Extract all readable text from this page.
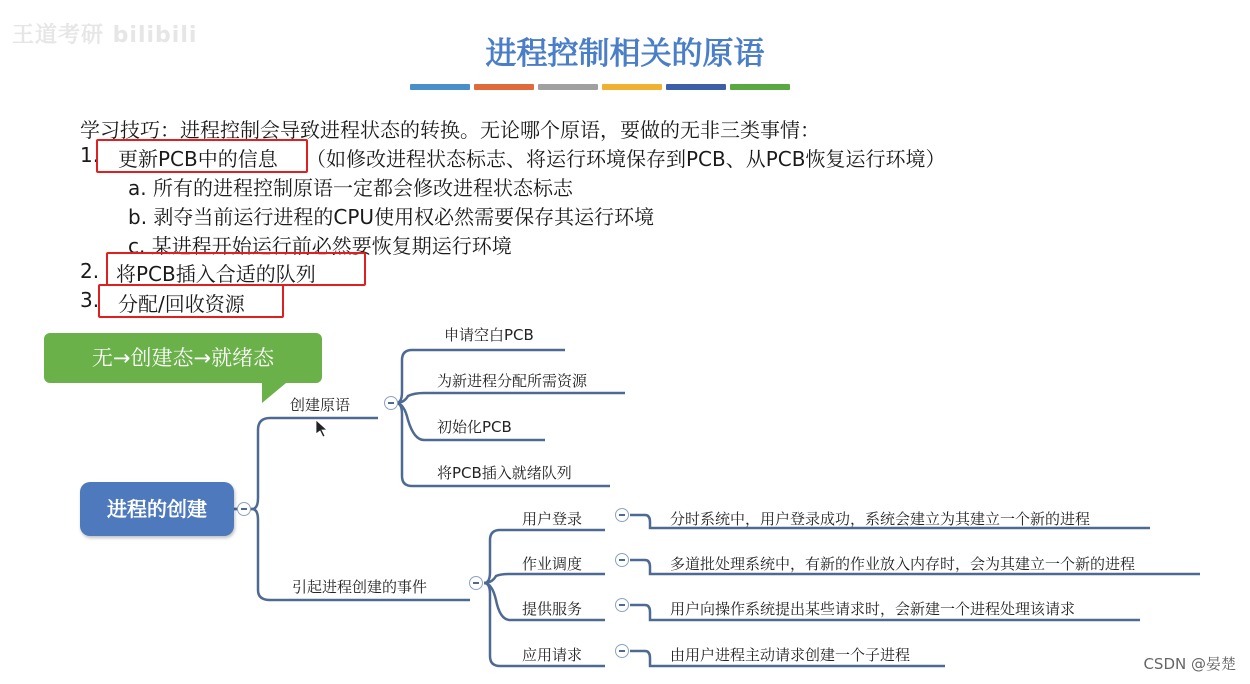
王道考研 bilibili
进程控制相关的原语
学习技巧：进程控制会导致进程状态的转换。无论哪个原语，要做的无非三类事情：
1. 更新PCB中的信息 （如修改进程状态标志、将运行环境保存到PCB、从PCB恢复运行环境）
a. 所有的进程控制原语一定都会修改进程状态标志
b. 剥夺当前运行进程的CPU使用权必然需要保存其运行环境
c. 某进程开始运行前必然要恢复期运行环境
2. 将PCB插入合适的队列
3. 分配/回收资源
无→创建态→就绪态
进程的创建
创建原语
申请空白PCB
为新进程分配所需资源
初始化PCB
将PCB插入就绪队列
引起进程创建的事件
用户登录	分时系统中，用户登录成功，系统会建立为其建立一个新的进程
作业调度	多道批处理系统中，有新的作业放入内存时，会为其建立一个新的进程
提供服务	用户向操作系统提出某些请求时，会新建一个进程处理该请求
应用请求	由用户进程主动请求创建一个子进程	CSDN @晏楚
